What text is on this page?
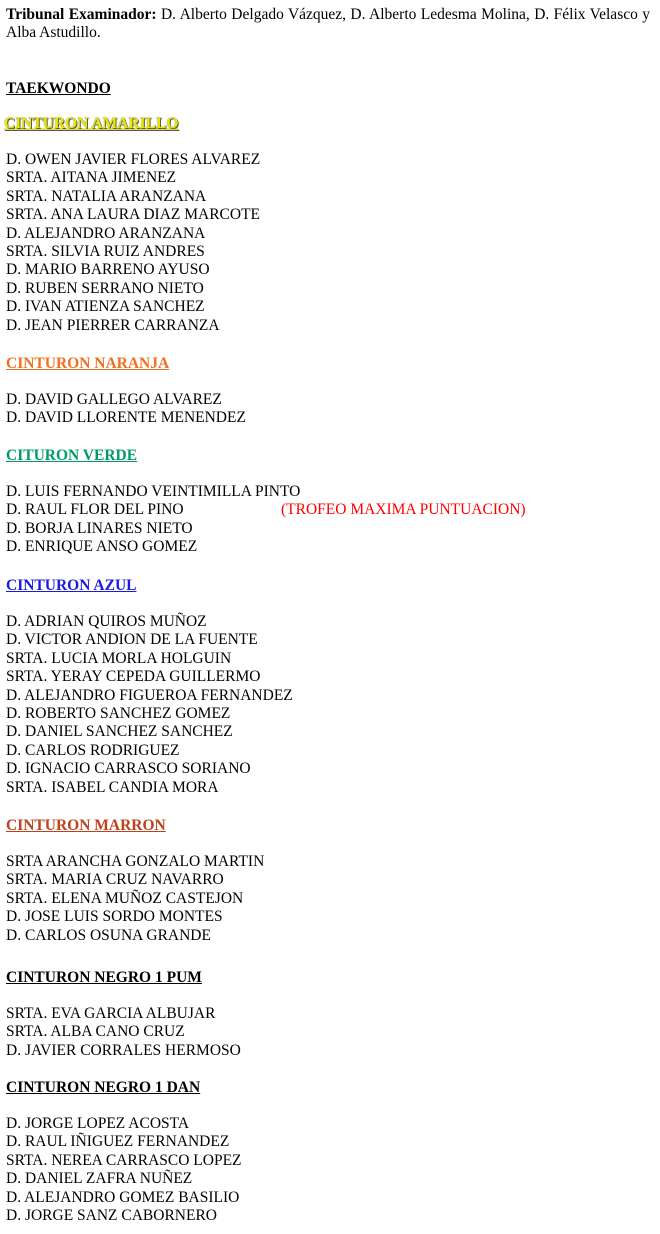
Tribunal Examinador: D. Alberto Delgado Vázquez, D. Alberto Ledesma Molina, D. Félix Velasco y Alba Astudillo.
TAEKWONDO
CINTURON AMARILLO
D. OWEN JAVIER FLORES ALVAREZ
SRTA. AITANA JIMENEZ
SRTA. NATALIA ARANZANA
SRTA. ANA LAURA DIAZ MARCOTE
D. ALEJANDRO ARANZANA
SRTA. SILVIA RUIZ ANDRES
D. MARIO BARRENO AYUSO
D. RUBEN SERRANO NIETO
D. IVAN ATIENZA SANCHEZ
D. JEAN PIERRER CARRANZA
CINTURON NARANJA
D. DAVID GALLEGO ALVAREZ
D. DAVID LLORENTE MENENDEZ
CITURON VERDE
D. LUIS FERNANDO VEINTIMILLA PINTO
D. RAUL FLOR DEL PINO	(TROFEO MAXIMA PUNTUACION)
D. BORJA LINARES NIETO
D. ENRIQUE ANSO GOMEZ
CINTURON AZUL
D. ADRIAN QUIROS MUÑOZ
D. VICTOR ANDION DE LA FUENTE
SRTA. LUCIA MORLA HOLGUIN
SRTA. YERAY CEPEDA GUILLERMO
D. ALEJANDRO FIGUEROA FERNANDEZ
D. ROBERTO SANCHEZ GOMEZ
D. DANIEL SANCHEZ SANCHEZ
D. CARLOS RODRIGUEZ
D. IGNACIO CARRASCO SORIANO
SRTA. ISABEL CANDIA MORA
CINTURON MARRON
SRTA ARANCHA GONZALO MARTIN
SRTA. MARIA CRUZ NAVARRO
SRTA. ELENA MUÑOZ CASTEJON
D. JOSE LUIS SORDO MONTES
D. CARLOS OSUNA GRANDE
CINTURON NEGRO 1 PUM
SRTA. EVA GARCIA ALBUJAR
SRTA. ALBA CANO CRUZ
D. JAVIER CORRALES HERMOSO
CINTURON NEGRO 1 DAN
D. JORGE LOPEZ ACOSTA
D. RAUL IÑIGUEZ FERNANDEZ
SRTA. NEREA CARRASCO LOPEZ
D. DANIEL ZAFRA NUÑEZ
D. ALEJANDRO GOMEZ BASILIO
D. JORGE SANZ CABORNERO
